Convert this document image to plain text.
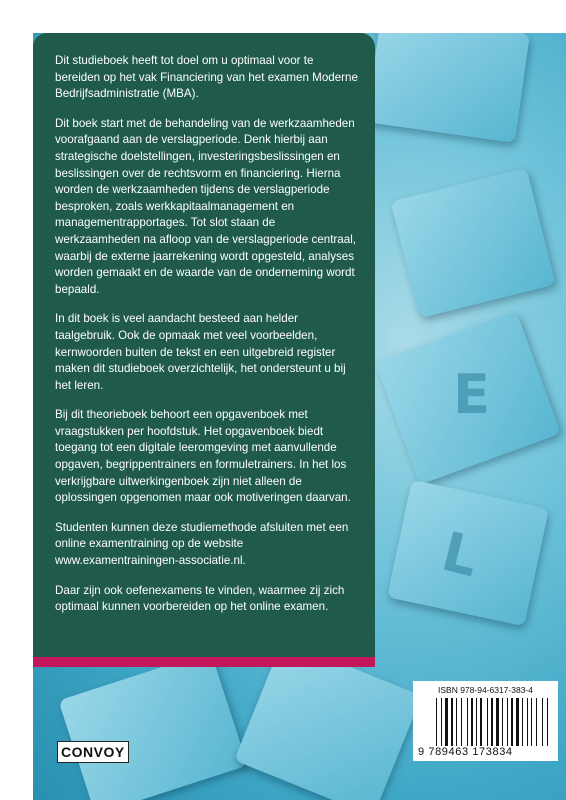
E
L

Dit studieboek heeft tot doel om u optimaal voor te bereiden op het vak Financiering van het examen Moderne Bedrijfsadministratie (MBA).

Dit boek start met de behandeling van de werkzaamheden voorafgaand aan de verslagperiode. Denk hierbij aan strategische doelstellingen, investeringsbeslissingen en beslissingen over de rechtsvorm en financiering. Hierna worden de werkzaamheden tijdens de verslagperiode besproken, zoals werkkapitaalmanagement en managementrapportages. Tot slot staan de werkzaamheden na afloop van de verslagperiode centraal, waarbij de externe jaarrekening wordt opgesteld, analyses worden gemaakt en de waarde van de onderneming wordt bepaald.

In dit boek is veel aandacht besteed aan helder taalgebruik. Ook de opmaak met veel voorbeelden, kernwoorden buiten de tekst en een uitgebreid register maken dit studieboek overzichtelijk, het ondersteunt u bij het leren.

Bij dit theorieboek behoort een opgavenboek met vraagstukken per hoofdstuk. Het opgavenboek biedt toegang tot een digitale leeromgeving met aanvullende opgaven, begrippentrainers en formuletrainers. In het los verkrijgbare uitwerkingenboek zijn niet alleen de oplossingen opgenomen maar ook motiveringen daarvan.

Studenten kunnen deze studiemethode afsluiten met een online examentraining op de website www.examentrainingen-associatie.nl.

Daar zijn ook oefenexamens te vinden, waarmee zij zich optimaal kunnen voorbereiden op het online examen.

CONVOY
ISBN 978-94-6317-383-4

9 789463 173834
